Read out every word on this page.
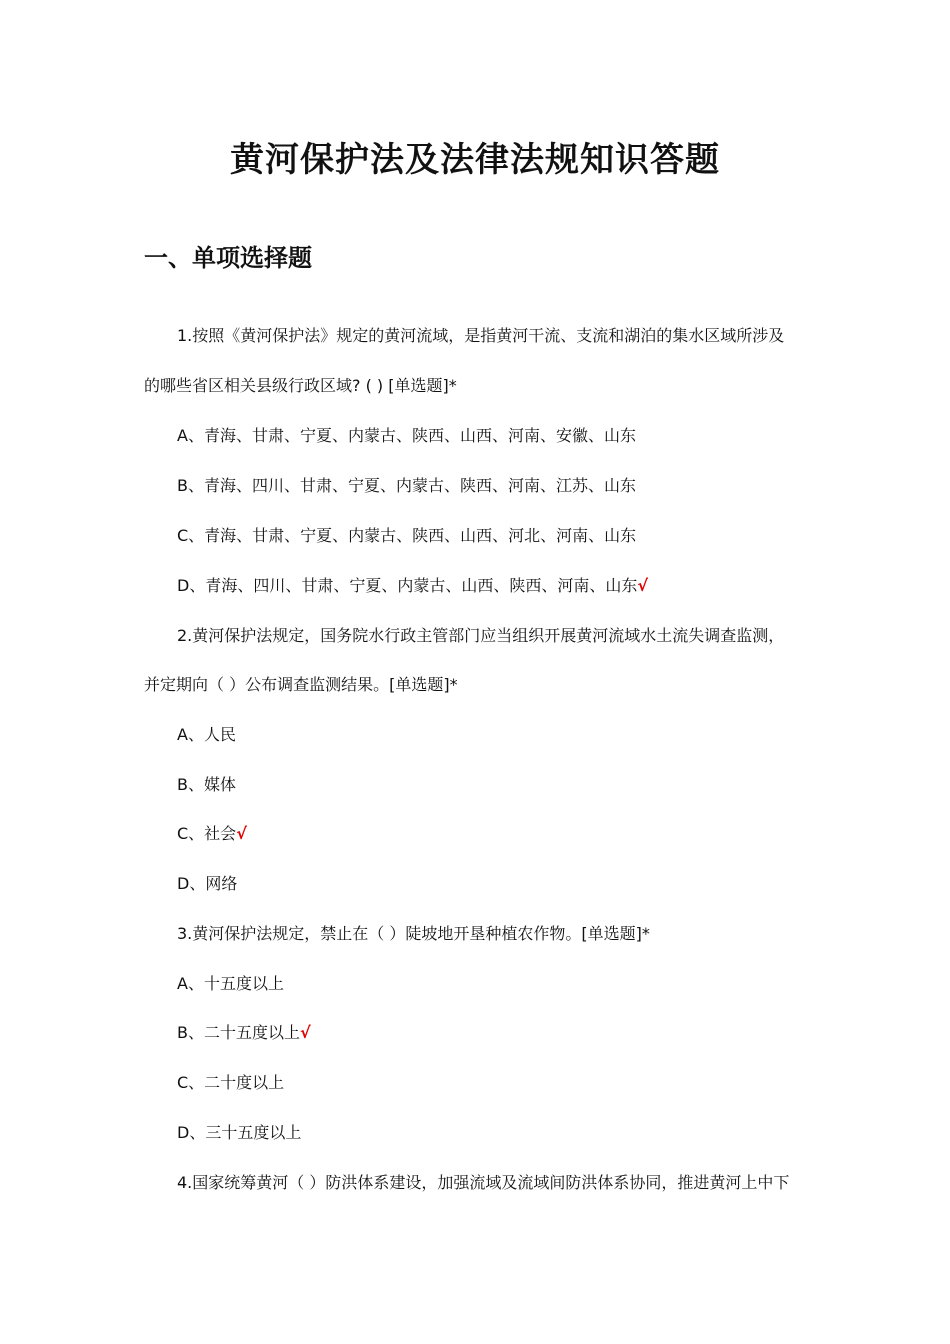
黄河保护法及法律法规知识答题
一、单项选择题

1.按照《黄河保护法》规定的黄河流域，是指黄河干流、支流和湖泊的集水区域所涉及

的哪些省区相关县级行政区域? ( ) [单选题]*

A、青海、甘肃、宁夏、内蒙古、陕西、山西、河南、安徽、山东

B、青海、四川、甘肃、宁夏、内蒙古、陕西、河南、江苏、山东

C、青海、甘肃、宁夏、内蒙古、陕西、山西、河北、河南、山东

D、青海、四川、甘肃、宁夏、内蒙古、山西、陕西、河南、山东√

2.黄河保护法规定，国务院水行政主管部门应当组织开展黄河流域水土流失调查监测，

并定期向（ ）公布调查监测结果。[单选题]*

A、人民

B、媒体

C、社会√

D、网络

3.黄河保护法规定，禁止在（ ）陡坡地开垦种植农作物。[单选题]*

A、十五度以上

B、二十五度以上√

C、二十度以上

D、三十五度以上

4.国家统筹黄河（ ）防洪体系建设，加强流域及流域间防洪体系协同，推进黄河上中下
